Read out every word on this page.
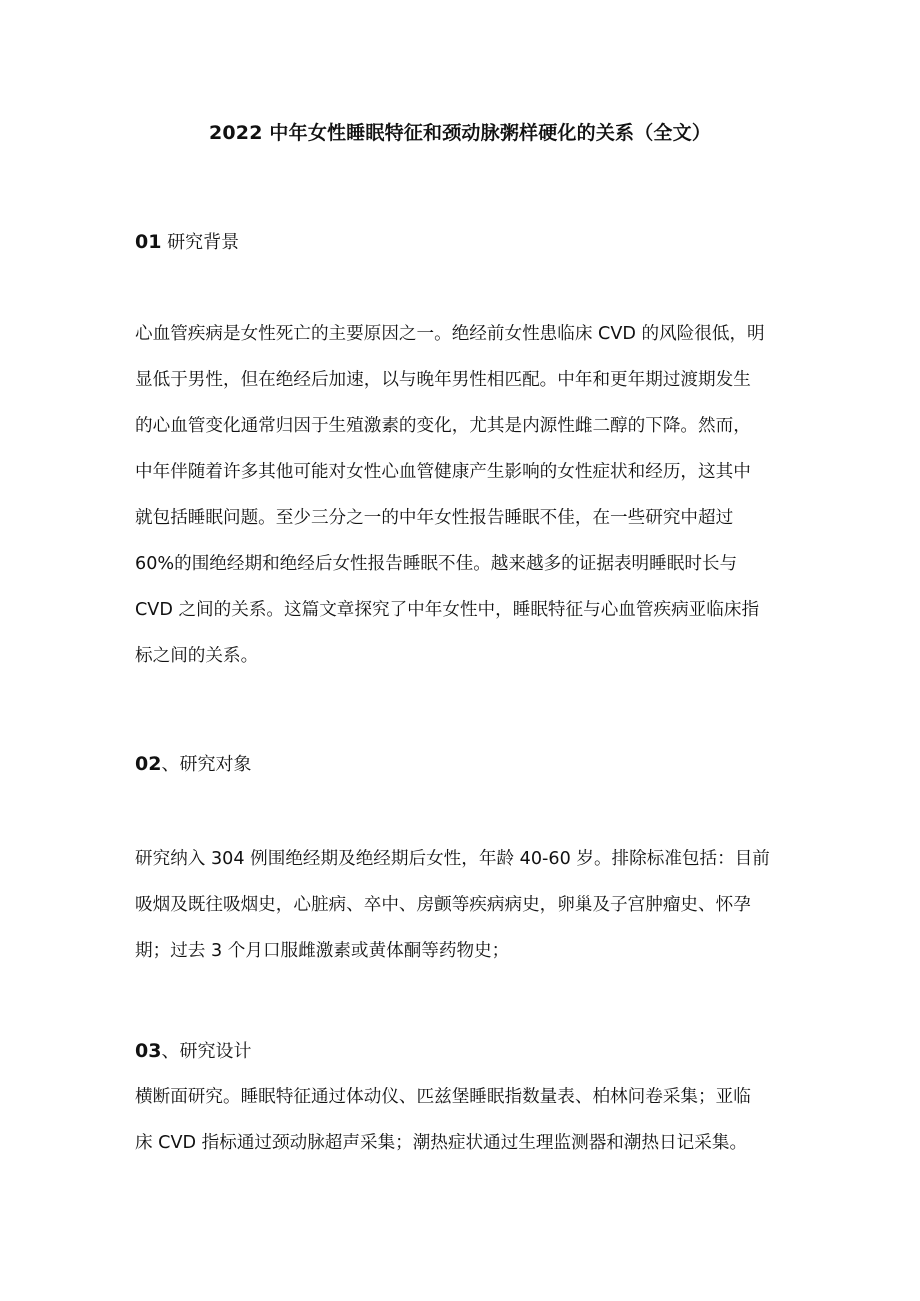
2022 中年女性睡眠特征和颈动脉粥样硬化的关系（全文）
01 研究背景
心血管疾病是女性死亡的主要原因之一。绝经前女性患临床 CVD 的风险很低，明
显低于男性，但在绝经后加速，以与晚年男性相匹配。中年和更年期过渡期发生
的心血管变化通常归因于生殖激素的变化，尤其是内源性雌二醇的下降。然而，
中年伴随着许多其他可能对女性心血管健康产生影响的女性症状和经历，这其中
就包括睡眠问题。至少三分之一的中年女性报告睡眠不佳，在一些研究中超过
60%的围绝经期和绝经后女性报告睡眠不佳。越来越多的证据表明睡眠时长与
CVD 之间的关系。这篇文章探究了中年女性中，睡眠特征与心血管疾病亚临床指
标之间的关系。
02、研究对象
研究纳入 304 例围绝经期及绝经期后女性，年龄 40-60 岁。排除标准包括：目前
吸烟及既往吸烟史，心脏病、卒中、房颤等疾病病史，卵巢及子宫肿瘤史、怀孕
期；过去 3 个月口服雌激素或黄体酮等药物史；
03、研究设计
横断面研究。睡眠特征通过体动仪、匹兹堡睡眠指数量表、柏林问卷采集；亚临
床 CVD 指标通过颈动脉超声采集；潮热症状通过生理监测器和潮热日记采集。
